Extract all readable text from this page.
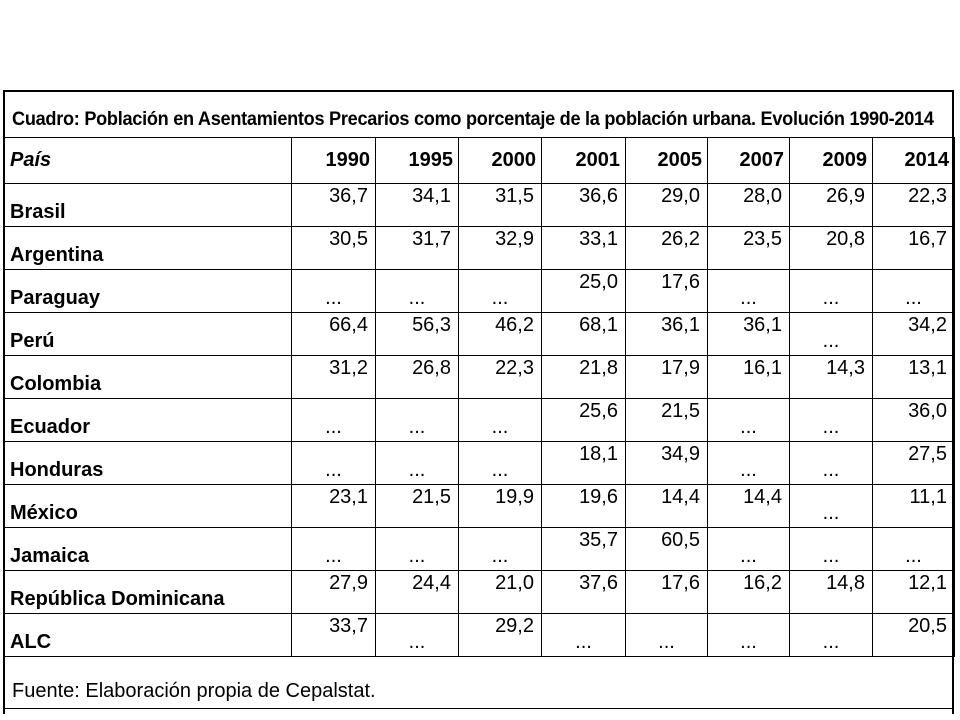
Cuadro: Población en Asentamientos Precarios como porcentaje de la población urbana. Evolución 1990-2014
País	1990	1995	2000	2001	2005	2007	2009	2014
Brasil	36,7	34,1	31,5	36,6	29,0	28,0	26,9	22,3
Argentina	30,5	31,7	32,9	33,1	26,2	23,5	20,8	16,7
Paraguay	...	...	...	25,0	17,6	...	...	...
Perú	66,4	56,3	46,2	68,1	36,1	36,1	...	34,2
Colombia	31,2	26,8	22,3	21,8	17,9	16,1	14,3	13,1
Ecuador	...	...	...	25,6	21,5	...	...	36,0
Honduras	...	...	...	18,1	34,9	...	...	27,5
México	23,1	21,5	19,9	19,6	14,4	14,4	...	11,1
Jamaica	...	...	...	35,7	60,5	...	...	...
República Dominicana	27,9	24,4	21,0	37,6	17,6	16,2	14,8	12,1
ALC	33,7	...	29,2	...	...	...	...	20,5
Fuente: Elaboración propia de Cepalstat.
